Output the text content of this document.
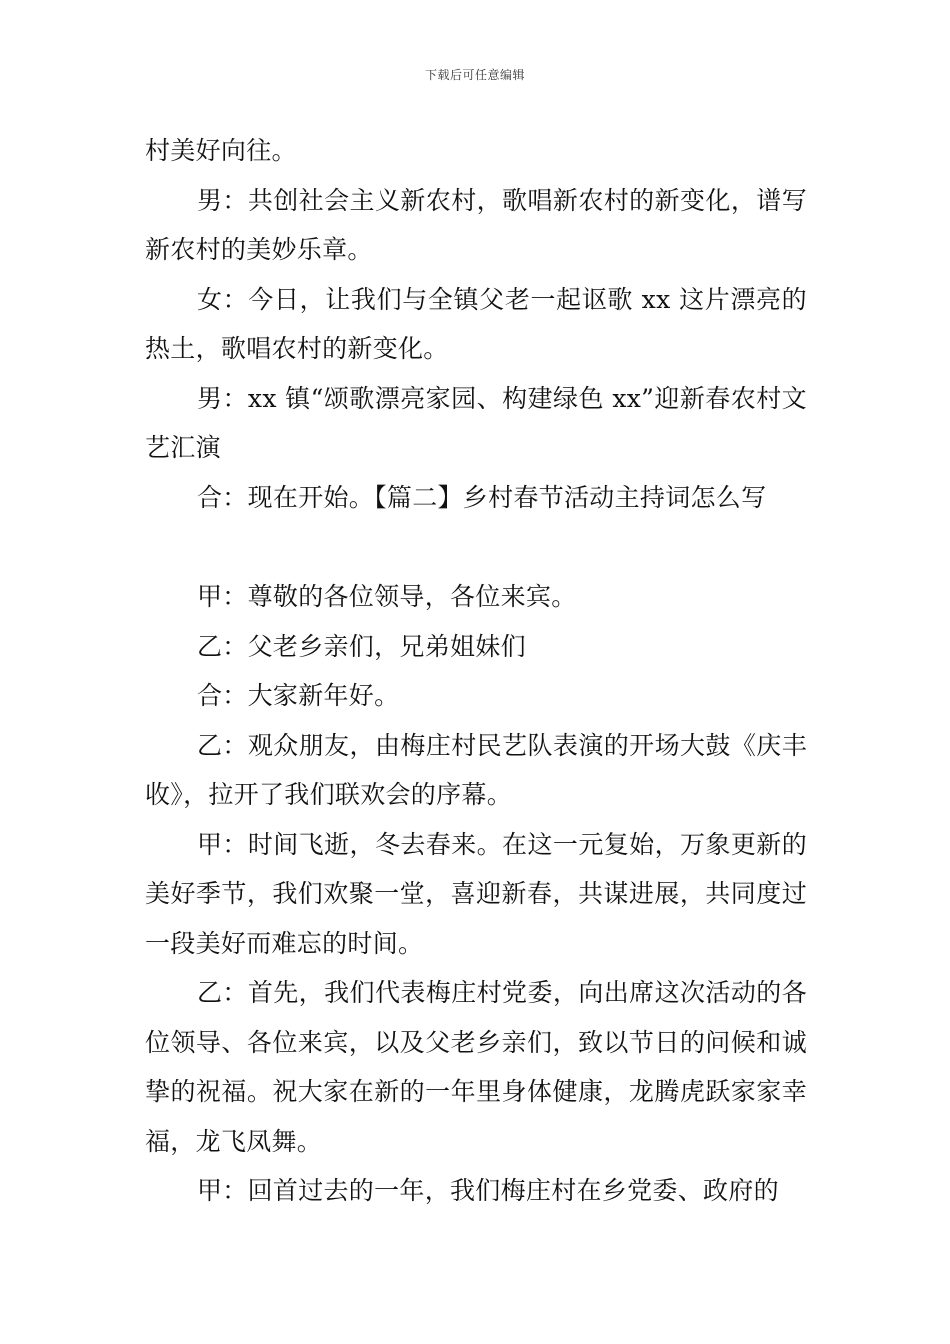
下载后可任意编辑

村美好向往。

男：共创社会主义新农村，歌唱新农村的新变化，谱写新农村的美妙乐章。

女：今日，让我们与全镇父老一起讴歌 xx 这片漂亮的热土，歌唱农村的新变化。

男：xx 镇“颂歌漂亮家园、构建绿色 xx”迎新春农村文艺汇演

合：现在开始。【篇二】乡村春节活动主持词怎么写

甲：尊敬的各位领导，各位来宾。

乙：父老乡亲们，兄弟姐妹们

合：大家新年好。

乙：观众朋友，由梅庄村民艺队表演的开场大鼓《庆丰收》，拉开了我们联欢会的序幕。

甲：时间飞逝，冬去春来。在这一元复始，万象更新的美好季节，我们欢聚一堂，喜迎新春，共谋进展，共同度过一段美好而难忘的时间。

乙：首先，我们代表梅庄村党委，向出席这次活动的各位领导、各位来宾，以及父老乡亲们，致以节日的问候和诚挚的祝福。祝大家在新的一年里身体健康，龙腾虎跃家家幸福，龙飞凤舞。

甲：回首过去的一年，我们梅庄村在乡党委、政府的
